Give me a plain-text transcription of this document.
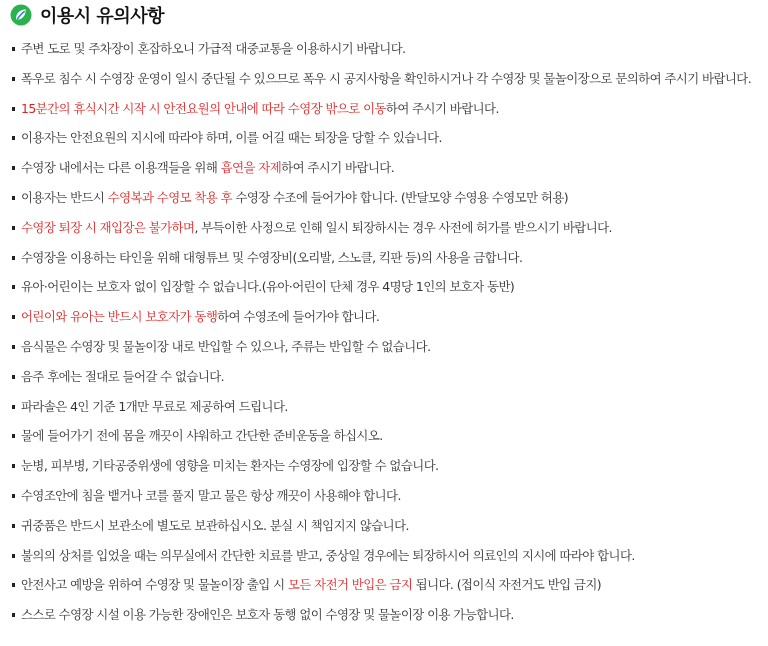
이용시 유의사항
주변 도로 및 주차장이 혼잡하오니 가급적 대중교통을 이용하시기 바랍니다.
폭우로 침수 시 수영장 운영이 일시 중단될 수 있으므로 폭우 시 공지사항을 확인하시거나 각 수영장 및 물놀이장으로 문의하여 주시기 바랍니다.
15분간의 휴식시간 시작 시 안전요원의 안내에 따라 수영장 밖으로 이동하여 주시기 바랍니다.
이용자는 안전요원의 지시에 따라야 하며, 이를 어길 때는 퇴장을 당할 수 있습니다.
수영장 내에서는 다른 이용객들을 위해 흡연을 자제하여 주시기 바랍니다.
이용자는 반드시 수영복과 수영모 착용 후 수영장 수조에 들어가야 합니다. (반달모양 수영용 수영모만 허용)
수영장 퇴장 시 재입장은 불가하며, 부득이한 사정으로 인해 일시 퇴장하시는 경우 사전에 허가를 받으시기 바랍니다.
수영장을 이용하는 타인을 위해 대형튜브 및 수영장비(오리발, 스노클, 킥판 등)의 사용을 금합니다.
유아·어린이는 보호자 없이 입장할 수 없습니다.(유아·어린이 단체 경우 4명당 1인의 보호자 동반)
어린이와 유아는 반드시 보호자가 동행하여 수영조에 들어가야 합니다.
음식물은 수영장 및 물놀이장 내로 반입할 수 있으나, 주류는 반입할 수 없습니다.
음주 후에는 절대로 들어갈 수 없습니다.
파라솔은 4인 기준 1개만 무료로 제공하여 드립니다.
물에 들어가기 전에 몸을 깨끗이 샤워하고 간단한 준비운동을 하십시오.
눈병, 피부병, 기타공중위생에 영향을 미치는 환자는 수영장에 입장할 수 없습니다.
수영조안에 침을 뱉거나 코를 풀지 말고 물은 항상 깨끗이 사용해야 합니다.
귀중품은 반드시 보관소에 별도로 보관하십시오. 분실 시 책임지지 않습니다.
불의의 상처를 입었을 때는 의무실에서 간단한 치료를 받고, 중상일 경우에는 퇴장하시어 의료인의 지시에 따라야 합니다.
안전사고 예방을 위하여 수영장 및 물놀이장 출입 시 모든 자전거 반입은 금지 됩니다. (접이식 자전거도 반입 금지)
스스로 수영장 시설 이용 가능한 장애인은 보호자 동행 없이 수영장 및 물놀이장 이용 가능합니다.
